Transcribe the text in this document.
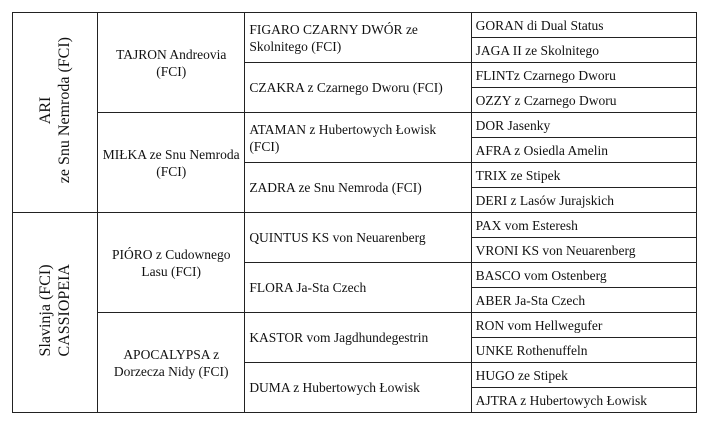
ARI ze Snu Nemroda (FCI)	TAJRON Andreovia (FCI)	FIGARO CZARNY DWÓR ze Skolnitego (FCI)	GORAN di Dual Status
			JAGA II ze Skolnitego
		CZAKRA z Czarnego Dworu (FCI)	FLINTz Czarnego Dworu
			OZZY z Czarnego Dworu
	MIŁKA ze Snu Nemroda (FCI)	ATAMAN z Hubertowych Łowisk (FCI)	DOR Jasenky
			AFRA z Osiedla Amelin
		ZADRA ze Snu Nemroda (FCI)	TRIX ze Stipek
			DERI z Lasów Jurajskich

Slavinja (FCI) CASSIOPEIA	PIÓRO z Cudownego Lasu (FCI)	QUINTUS KS von Neuarenberg	PAX vom Esteresh
			VRONI KS von Neuarenberg
		FLORA Ja-Sta Czech	BASCO vom Ostenberg
			ABER Ja-Sta Czech
	APOCALYPSA z Dorzecza Nidy (FCI)	KASTOR vom Jagdhundegestrin	RON vom Hellwegufer
			UNKE Rothenuffeln
		DUMA z Hubertowych Łowisk	HUGO ze Stipek
			AJTRA z Hubertowych Łowisk
